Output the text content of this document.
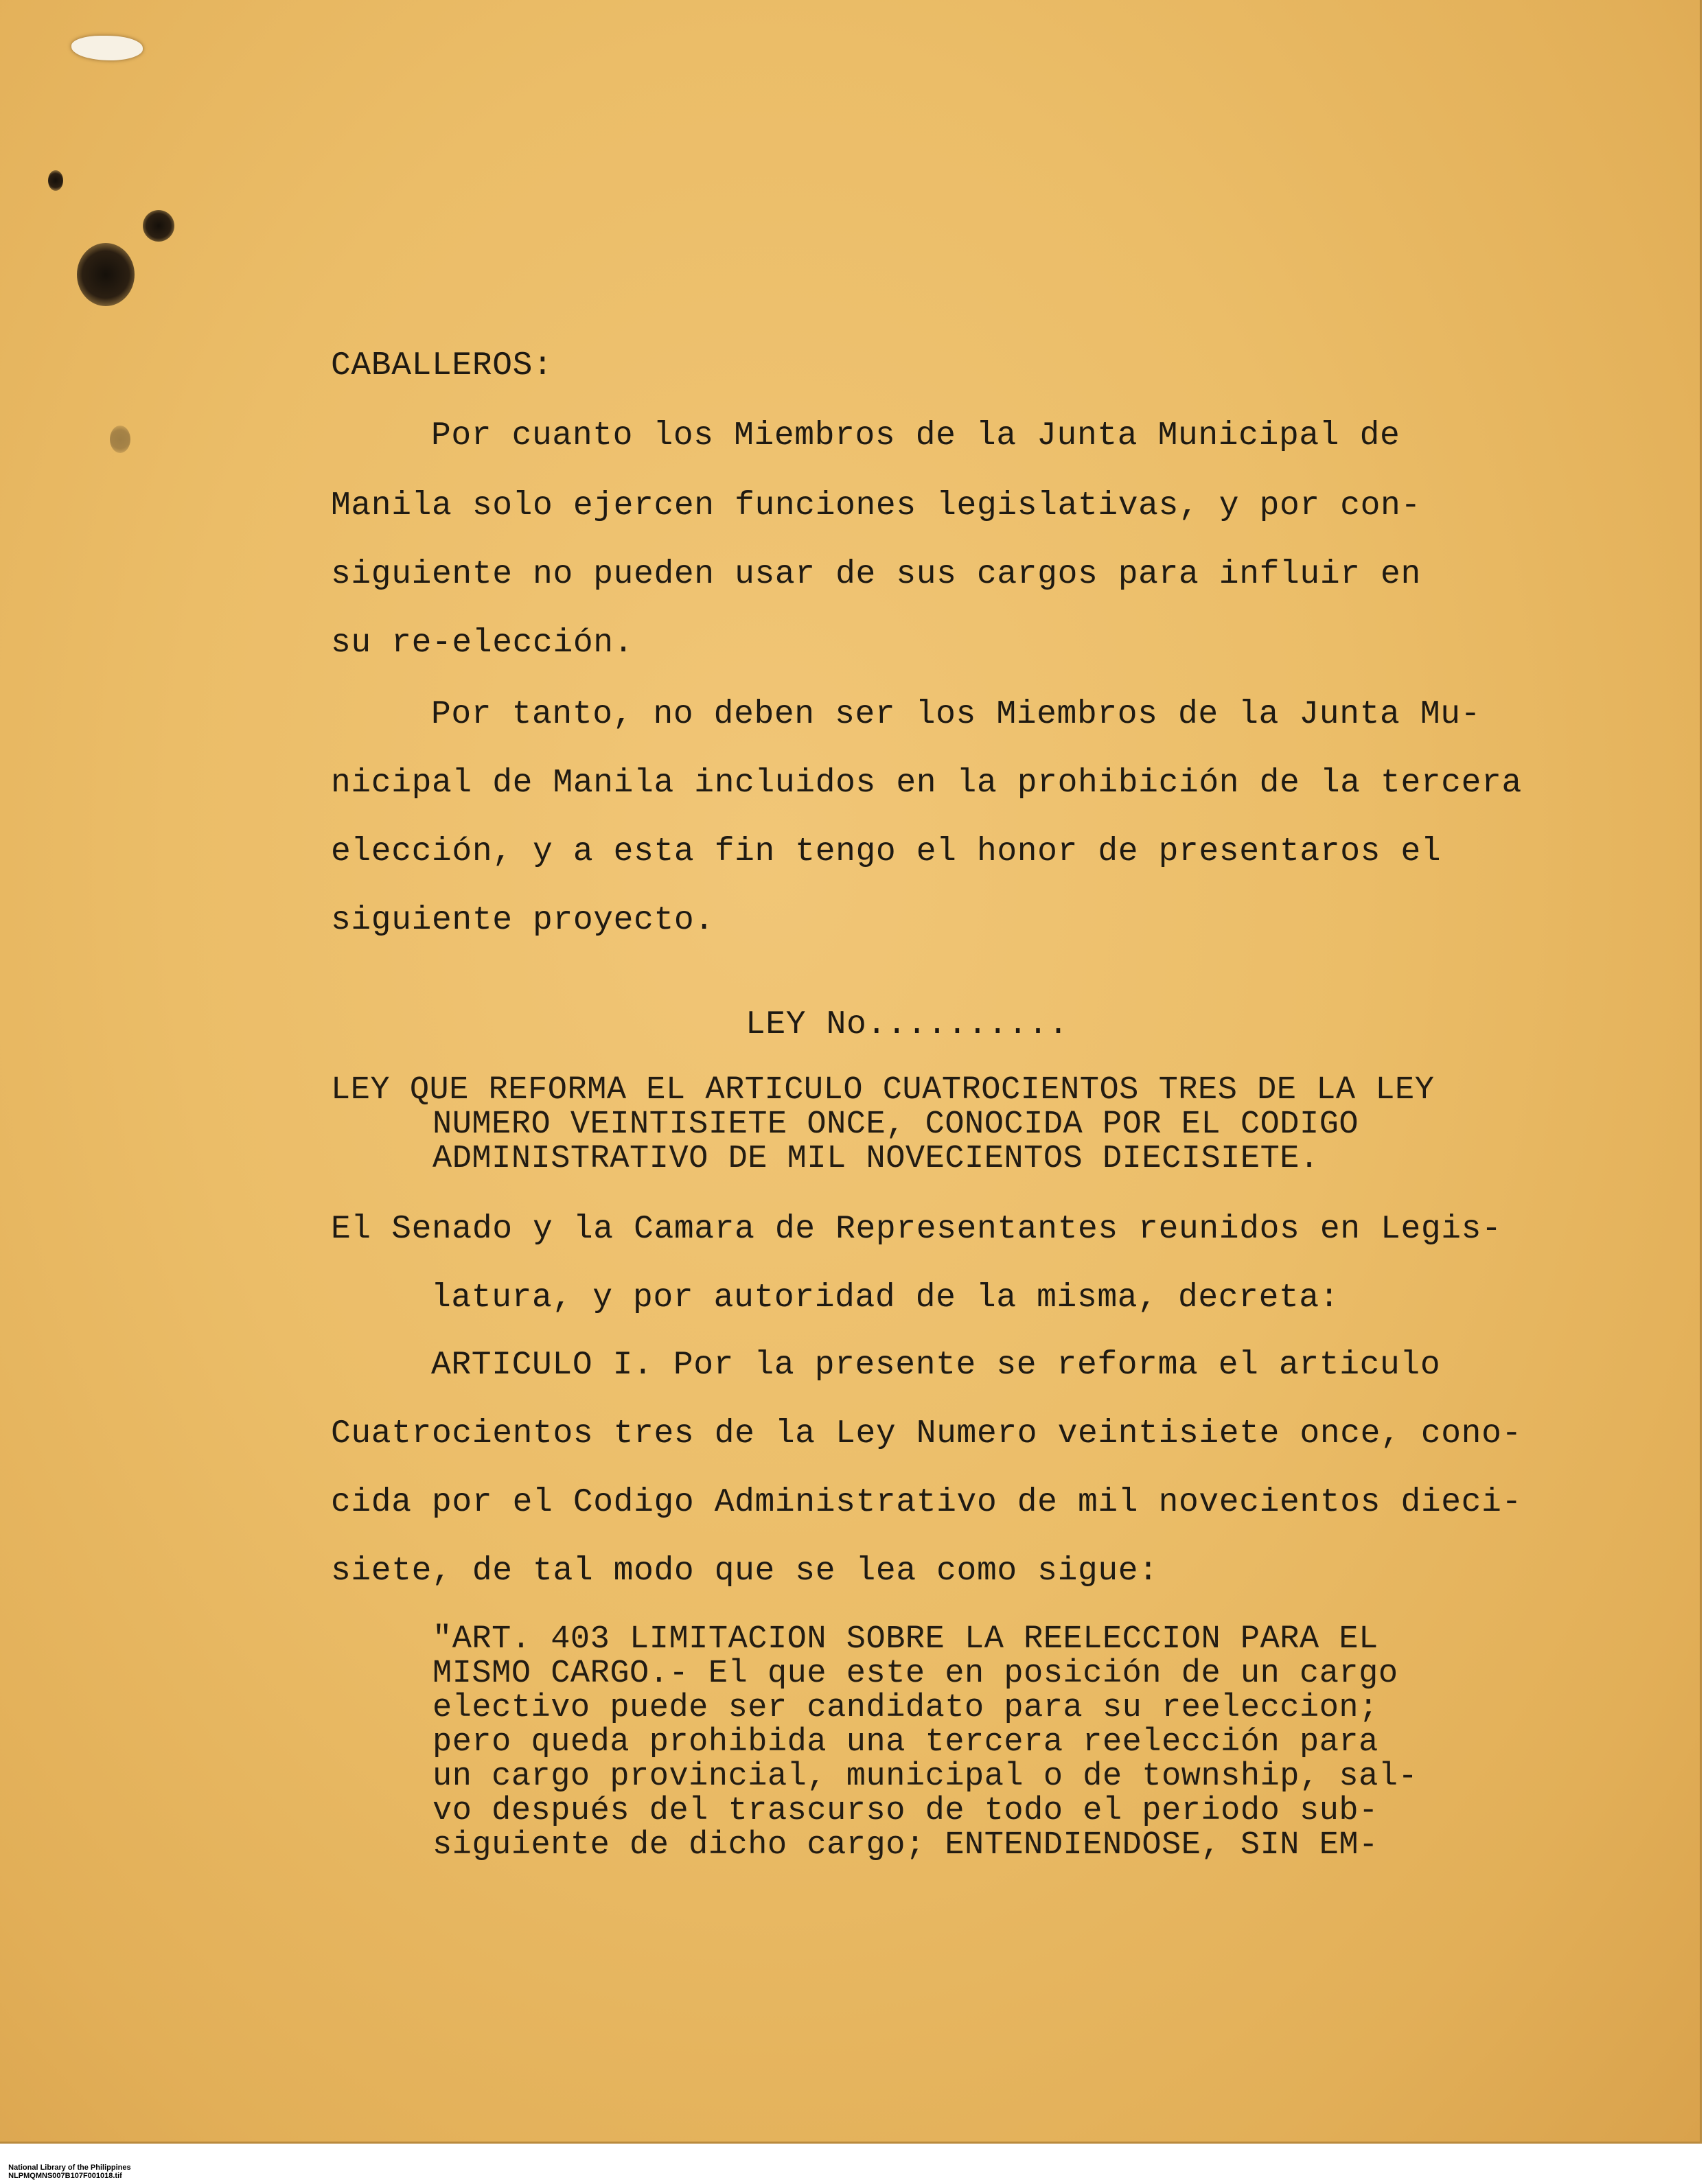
CABALLEROS:

Por cuanto los Miembros de la Junta Municipal de

Manila solo ejercen funciones legislativas, y por con-

siguiente no pueden usar de sus cargos para influir en

su re-elección.

Por tanto, no deben ser los Miembros de la Junta Mu-

nicipal de Manila incluidos en la prohibición de la tercera

elección, y a esta fin tengo el honor de presentaros el

siguiente proyecto.

LEY No..........

LEY QUE REFORMA EL ARTICULO CUATROCIENTOS TRES DE LA LEY

NUMERO VEINTISIETE ONCE, CONOCIDA POR EL CODIGO

ADMINISTRATIVO DE MIL NOVECIENTOS DIECISIETE.

El Senado y la Camara de Representantes reunidos en Legis-

latura, y por autoridad de la misma, decreta:

ARTICULO I. Por la presente se reforma el articulo

Cuatrocientos tres de la Ley Numero veintisiete once, cono-

cida por el Codigo Administrativo de mil novecientos dieci-

siete, de tal modo que se lea como sigue:

"ART. 403 LIMITACION SOBRE LA REELECCION PARA EL

MISMO CARGO.- El que este en posición de un cargo

electivo puede ser candidato para su reeleccion;

pero queda prohibida una tercera reelección para

un cargo provincial, municipal o de township, sal-

vo después del trascurso de todo el periodo sub-

siguiente de dicho cargo; ENTENDIENDOSE, SIN EM-

National Library of the Philippines
NLPMQMNS007B107F001018.tif
